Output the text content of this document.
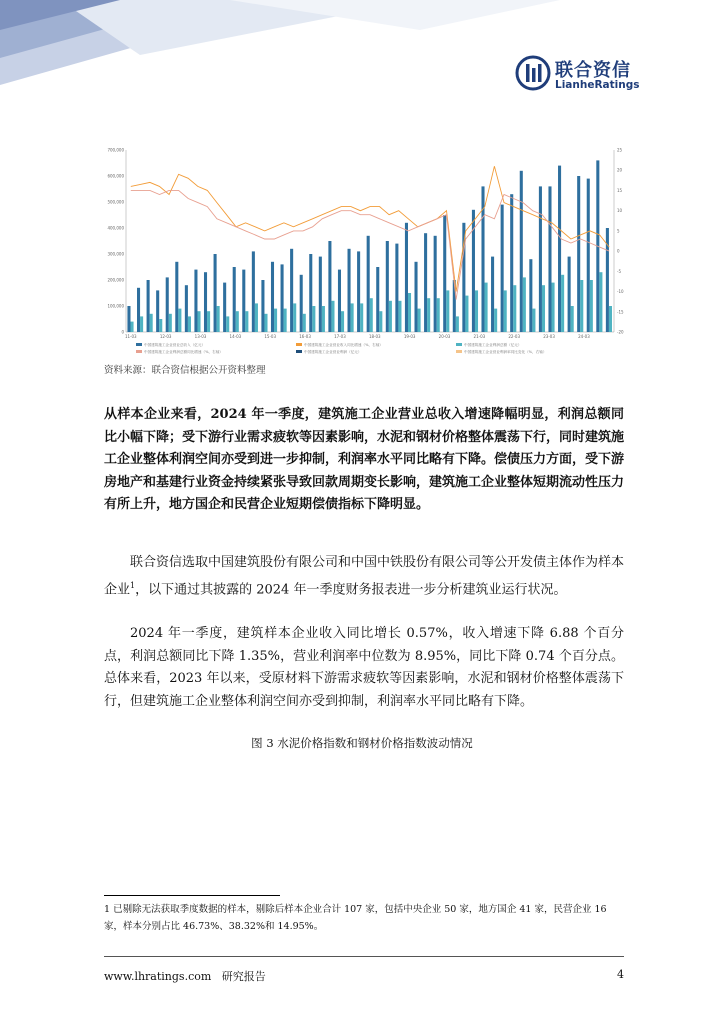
联合资信
LianheRatings
0
100,000
200,000
300,000
400,000
500,000
600,000
700,000
-20
-15
-10
-5
0
5
10
15
20
25
11-03	12-03	13-03	14-03	15-03	16-03	17-03	18-03	19-03	20-03	21-03	22-03	23-03	24-03
中国建筑施工企业营业总收入（亿元）	中国建筑施工企业营业收入同比增速（%，右轴）	中国建筑施工企业利润总额（亿元）
中国建筑施工企业利润总额同比增速（%，右轴）	中国建筑施工企业营业利润（亿元）	中国建筑施工企业营业利润率同比变化（%，右轴）
资料来源：联合资信根据公开资料整理
从样本企业来看，2024 年一季度，建筑施工企业营业总收入增速降幅明显，利润总额同比小幅下降；受下游行业需求疲软等因素影响，水泥和钢材价格整体震荡下行，同时建筑施工企业整体利润空间亦受到进一步抑制，利润率水平同比略有下降。偿债压力方面，受下游房地产和基建行业资金持续紧张导致回款周期变长影响，建筑施工企业整体短期流动性压力有所上升，地方国企和民营企业短期偿债指标下降明显。
联合资信选取中国建筑股份有限公司和中国中铁股份有限公司等公开发债主体作为样本企业$^1$，以下通过其披露的 2024 年一季度财务报表进一步分析建筑业运行状况。
2024 年一季度，建筑样本企业收入同比增长 0.57%，收入增速下降 6.88 个百分点，利润总额同比下降 1.35%，营业利润率中位数为 8.95%，同比下降 0.74 个百分点。总体来看，2023 年以来，受原材料下游需求疲软等因素影响，水泥和钢材价格整体震荡下行，但建筑施工企业整体利润空间亦受到抑制，利润率水平同比略有下降。
图 3 水泥价格指数和钢材价格指数波动情况
1 已剔除无法获取季度数据的样本，剔除后样本企业合计 107 家，包括中央企业 50 家，地方国企 41 家，民营企业 16 家，样本分别占比 46.73%、38.32%和 14.95%。
www.lhratings.com 研究报告	4
